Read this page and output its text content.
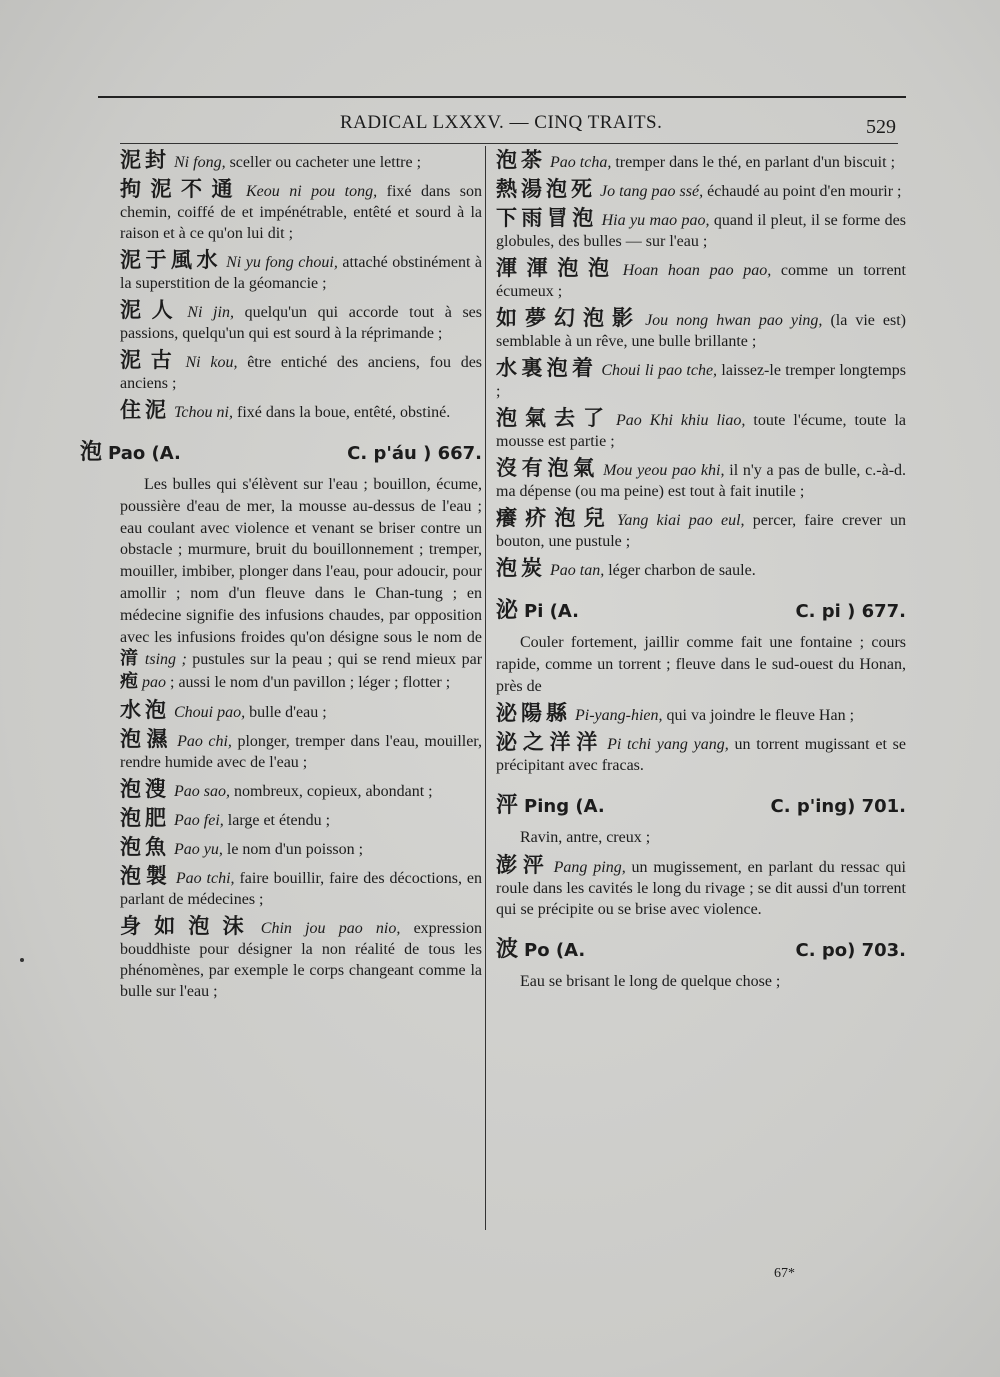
RADICAL LXXXV. — CINQ TRAITS.	529
泥封 Ni fong, sceller ou cacheter une lettre ;
拘泥不通 Keou ni pou tong, fixé dans son chemin, coiffé de et impénétrable, entêté et sourd à la raison et à ce qu'on lui dit ;
泥于風水 Ni yu fong choui, attaché obstinément à la superstition de la géomancie ;
泥人 Ni jin, quelqu'un qui accorde tout à ses passions, quelqu'un qui est sourd à la réprimande ;
泥古 Ni kou, être entiché des anciens, fou des anciens ;
住泥 Tchou ni, fixé dans la boue, entêté, obstiné.
泡 Pao (A.	C. p'áu ) 667.
Les bulles qui s'élèvent sur l'eau ; bouillon, écume, poussière d'eau de mer, la mousse au-dessus de l'eau ; eau coulant avec violence et venant se briser contre un obstacle ; murmure, bruit du bouillonnement ; tremper, mouiller, imbiber, plonger dans l'eau, pour adoucir, pour amollir ; nom d'un fleuve dans le Chan-tung ; en médecine signifie des infusions chaudes, par opposition avec les infusions froides qu'on désigne sous le nom de 湇 tsing ; pustules sur la peau ; qui se rend mieux par 疱 pao ; aussi le nom d'un pavillon ; léger ; flotter ;
水泡 Choui pao, bulle d'eau ;
泡濕 Pao chi, plonger, tremper dans l'eau, mouiller, rendre humide avec de l'eau ;
泡溲 Pao sao, nombreux, copieux, abondant ;
泡肥 Pao fei, large et étendu ;
泡魚 Pao yu, le nom d'un poisson ;
泡製 Pao tchi, faire bouillir, faire des décoctions, en parlant de médecines ;
身如泡沫 Chin jou pao nio, expression bouddhiste pour désigner la non réalité de tous les phénomènes, par exemple le corps changeant comme la bulle sur l'eau ;
泡茶 Pao tcha, tremper dans le thé, en parlant d'un biscuit ;
熱湯泡死 Jo tang pao ssé, échaudé au point d'en mourir ;
下雨冒泡 Hia yu mao pao, quand il pleut, il se forme des globules, des bulles — sur l'eau ;
渾渾泡泡 Hoan hoan pao pao, comme un torrent écumeux ;
如夢幻泡影 Jou nong hwan pao ying, (la vie est) semblable à un rêve, une bulle brillante ;
水裏泡着 Choui li pao tche, laissez-le tremper longtemps ;
泡氣去了 Pao Khi khiu liao, toute l'écume, toute la mousse est partie ;
沒有泡氣 Mou yeou pao khi, il n'y a pas de bulle, c.-à-d. ma dépense (ou ma peine) est tout à fait inutile ;
癢疥泡兒 Yang kiai pao eul, percer, faire crever un bouton, une pustule ;
泡炭 Pao tan, léger charbon de saule.
泌 Pi (A.	C. pi ) 677.
Couler fortement, jaillir comme fait une fontaine ; cours rapide, comme un torrent ; fleuve dans le sud-ouest du Honan, près de
泌陽縣 Pi-yang-hien, qui va joindre le fleuve Han ;
泌之洋洋 Pi tchi yang yang, un torrent mugissant et se précipitant avec fracas.
泙 Ping (A.	C. p'ing) 701.
Ravin, antre, creux ;
澎泙 Pang ping, un mugissement, en parlant du ressac qui roule dans les cavités le long du rivage ; se dit aussi d'un torrent qui se précipite ou se brise avec violence.
波 Po (A.	C. po) 703.
Eau se brisant le long de quelque chose ;
67*
